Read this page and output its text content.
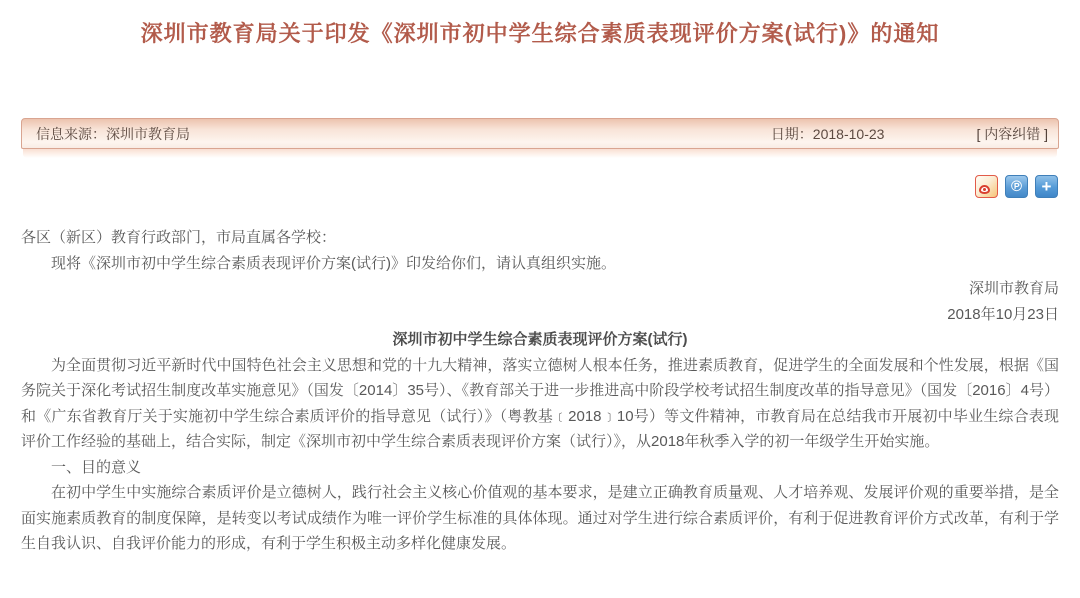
深圳市教育局关于印发《深圳市初中学生综合素质表现评价方案(试行)》的通知
信息来源：深圳市教育局	日期：2018-10-23	[ 内容纠错 ]
℗	+
各区（新区）教育行政部门，市局直属各学校：
现将《深圳市初中学生综合素质表现评价方案(试行)》印发给你们，请认真组织实施。
深圳市教育局
2018年10月23日
深圳市初中学生综合素质表现评价方案(试行)
为全面贯彻习近平新时代中国特色社会主义思想和党的十九大精神，落实立德树人根本任务，推进素质教育，促进学生的全面发展和个性发展，根据《国务院关于深化考试招生制度改革实施意见》（国发〔2014〕35号）、《教育部关于进一步推进高中阶段学校考试招生制度改革的指导意见》（国发〔2016〕4号）和《广东省教育厅关于实施初中学生综合素质评价的指导意见（试行）》（粤教基﹝2018﹞10号）等文件精神，市教育局在总结我市开展初中毕业生综合表现评价工作经验的基础上，结合实际，制定《深圳市初中学生综合素质表现评价方案（试行）》，从2018年秋季入学的初一年级学生开始实施。
一、目的意义
在初中学生中实施综合素质评价是立德树人，践行社会主义核心价值观的基本要求，是建立正确教育质量观、人才培养观、发展评价观的重要举措，是全面实施素质教育的制度保障，是转变以考试成绩作为唯一评价学生标准的具体体现。通过对学生进行综合素质评价，有利于促进教育评价方式改革，有利于学生自我认识、自我评价能力的形成，有利于学生积极主动多样化健康发展。
